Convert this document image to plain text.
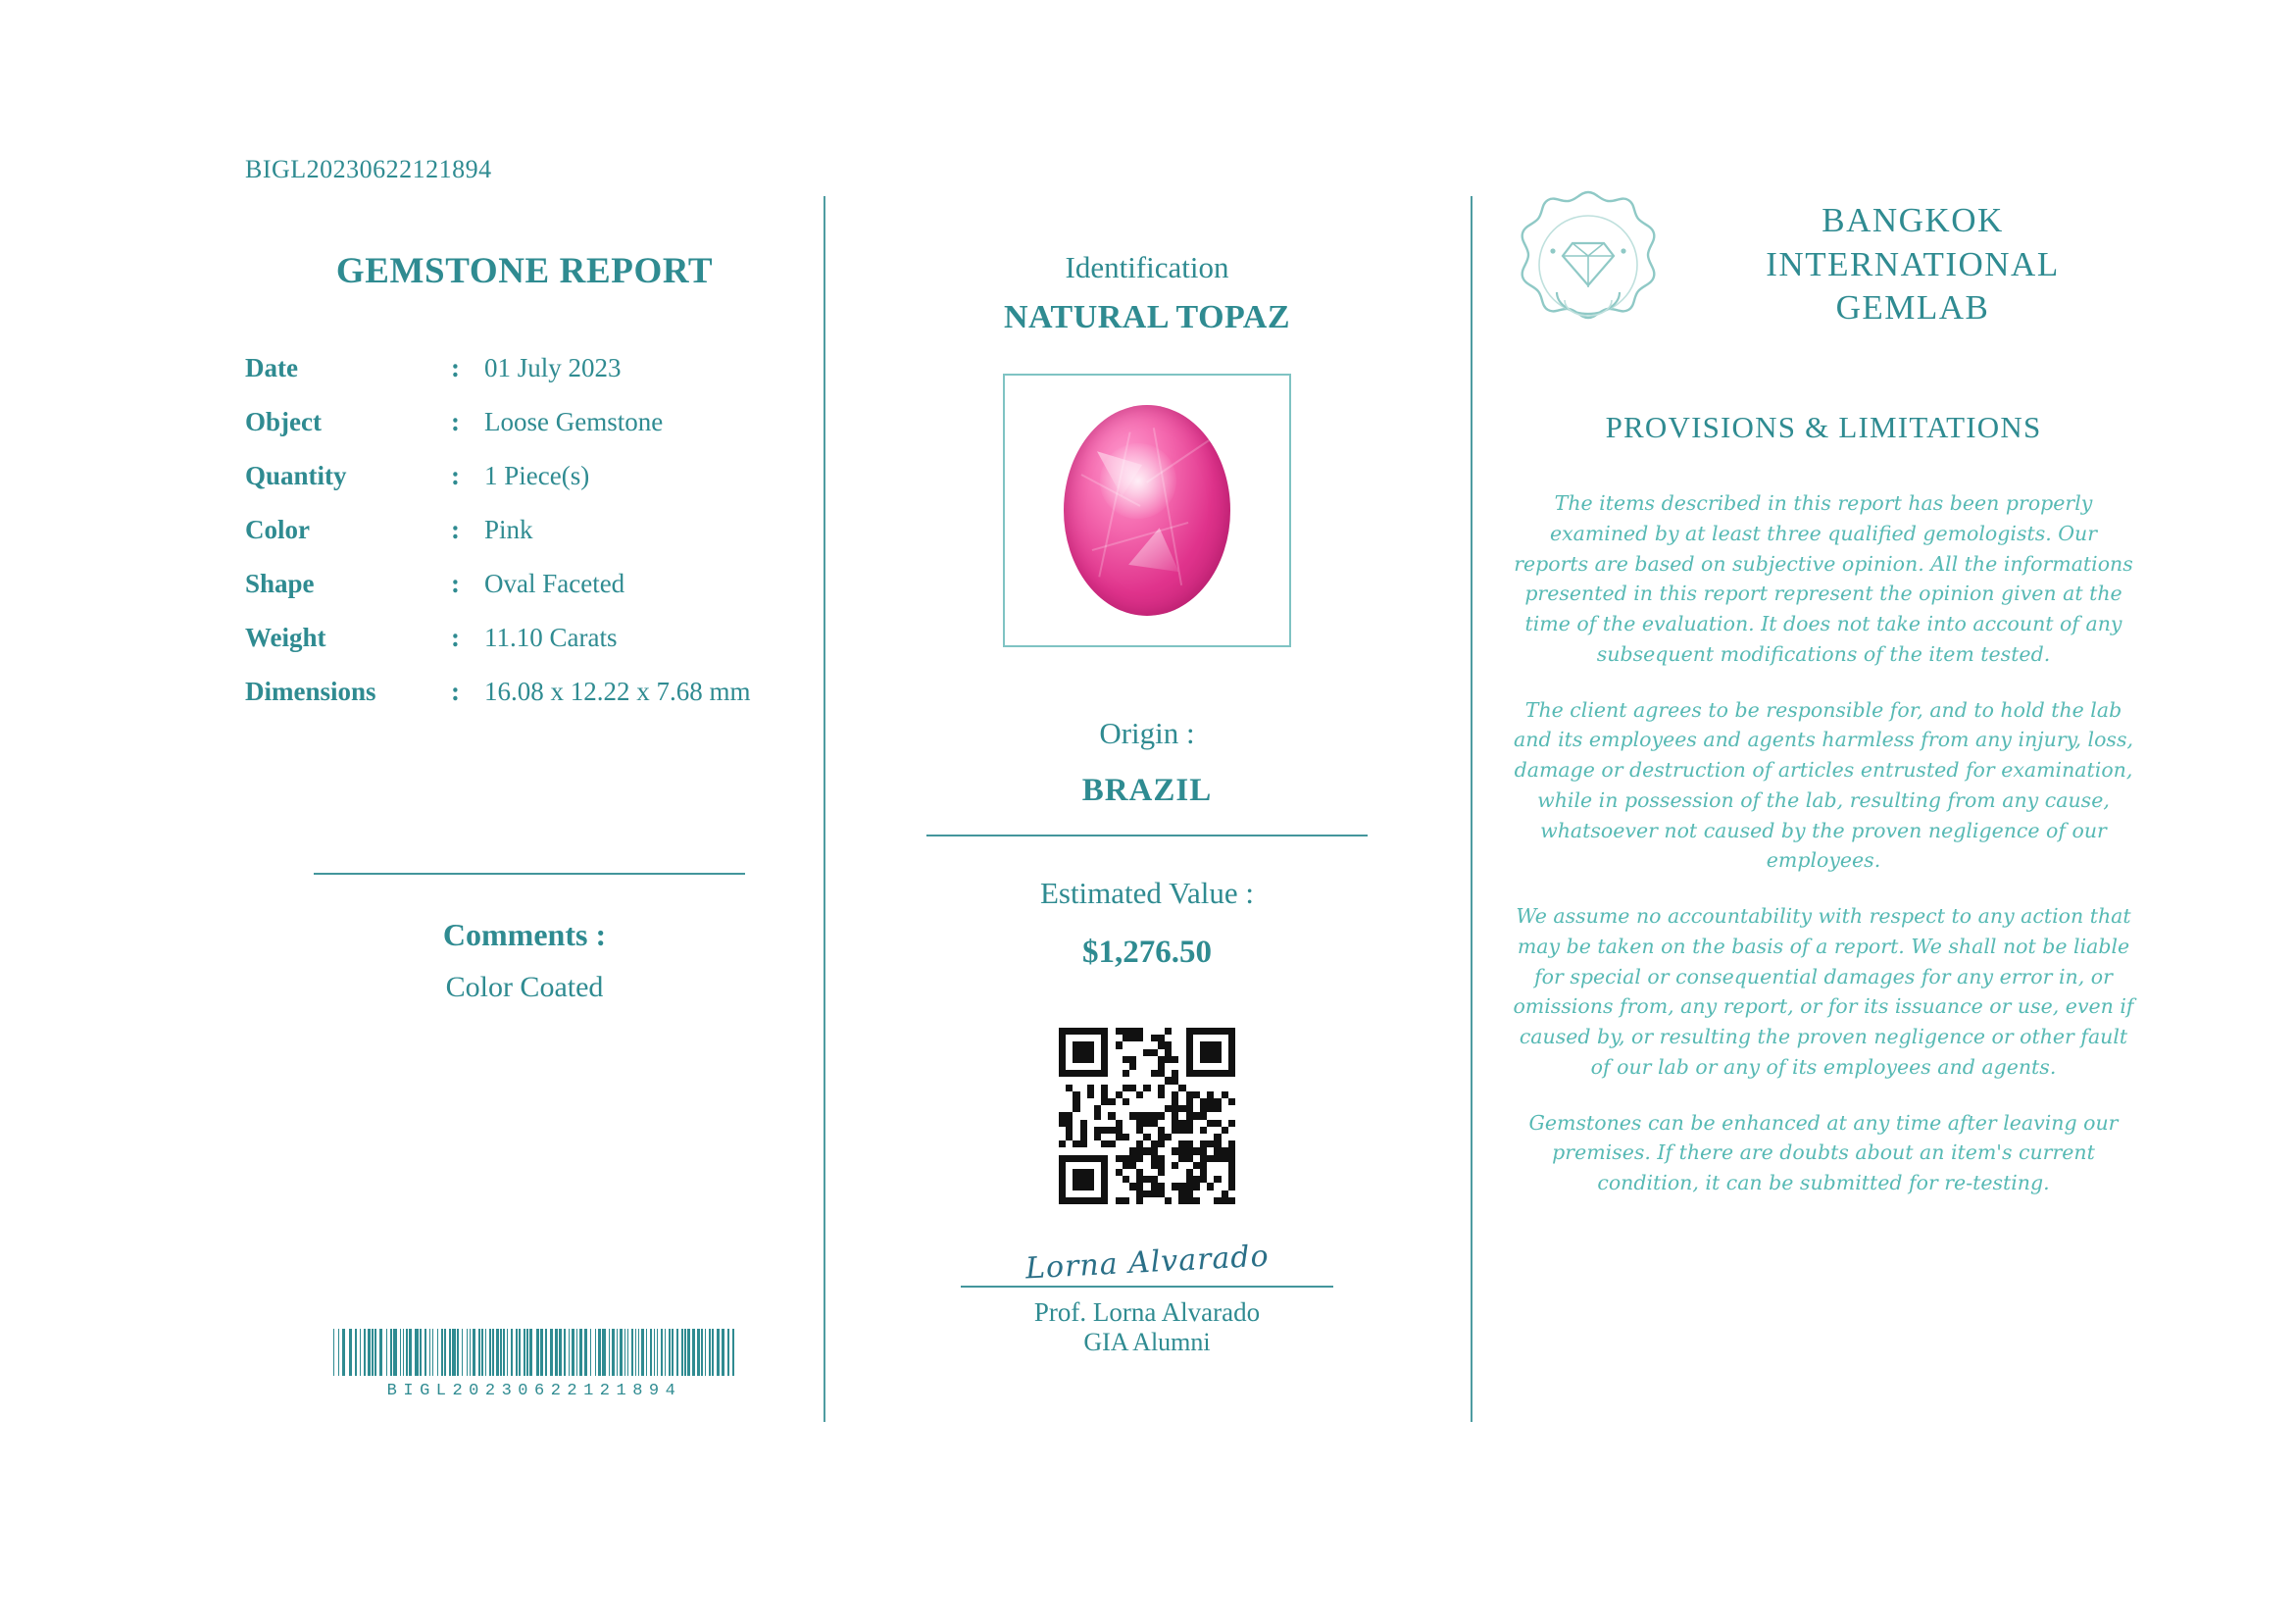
BIGL20230622121894
GEMSTONE REPORT
Date	:	01 July 2023
Object	:	Loose Gemstone
Quantity	:	1 Piece(s)
Color	:	Pink
Shape	:	Oval Faceted
Weight	:	11.10 Carats
Dimensions	:	16.08 x 12.22 x 7.68 mm
Comments :
Color Coated
BIGL20230622121894
Identification
NATURAL TOPAZ
Origin :
BRAZIL
Estimated Value :
$1,276.50
Lorna Alvarado
Prof. Lorna Alvarado
GIA Alumni
BANGKOK
INTERNATIONAL
GEMLAB
PROVISIONS & LIMITATIONS

The items described in this report has been properly examined by at least three qualified gemologists. Our reports are based on subjective opinion. All the informations presented in this report represent the opinion given at the time of the evaluation. It does not take into account of any subsequent modifications of the item tested.

The client agrees to be responsible for, and to hold the lab and its employees and agents harmless from any injury, loss, damage or destruction of articles entrusted for examination, while in possession of the lab, resulting from any cause, whatsoever not caused by the proven negligence of our employees.

We assume no accountability with respect to any action that may be taken on the basis of a report. We shall not be liable for special or consequential damages for any error in, or omissions from, any report, or for its issuance or use, even if caused by, or resulting the proven negligence or other fault of our lab or any of its employees and agents.

Gemstones can be enhanced at any time after leaving our premises. If there are doubts about an item's current condition, it can be submitted for re-testing.
